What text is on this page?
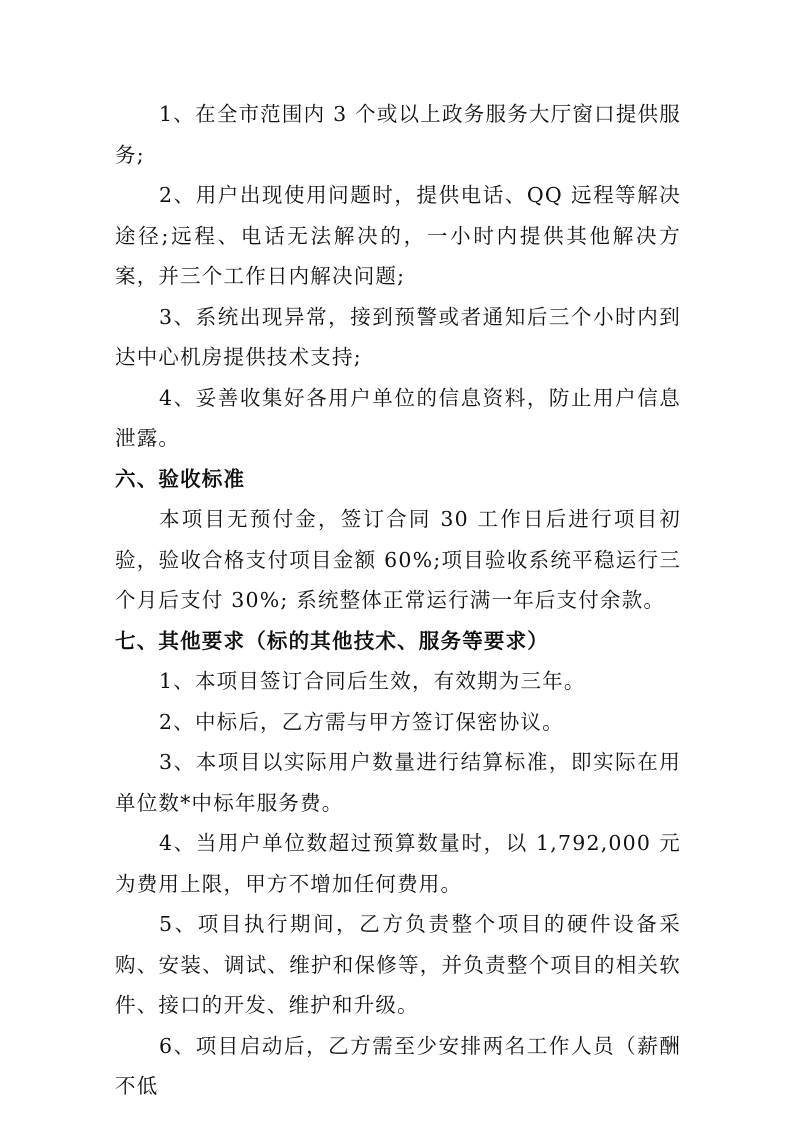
1、在全市范围内 3 个或以上政务服务大厅窗口提供服务;

2、用户出现使用问题时，提供电话、QQ 远程等解决途径;远程、电话无法解决的，一小时内提供其他解决方案，并三个工作日内解决问题;

3、系统出现异常，接到预警或者通知后三个小时内到达中心机房提供技术支持;

4、妥善收集好各用户单位的信息资料，防止用户信息泄露。

六、验收标准

本项目无预付金，签订合同 30 工作日后进行项目初验，验收合格支付项目金额 60%;项目验收系统平稳运行三个月后支付 30%; 系统整体正常运行满一年后支付余款。

七、其他要求（标的其他技术、服务等要求）

1、本项目签订合同后生效，有效期为三年。

2、中标后，乙方需与甲方签订保密协议。

3、本项目以实际用户数量进行结算标准，即实际在用单位数*中标年服务费。

4、当用户单位数超过预算数量时，以 1,792,000 元为费用上限，甲方不增加任何费用。

5、项目执行期间，乙方负责整个项目的硬件设备采购、安装、调试、维护和保修等，并负责整个项目的相关软件、接口的开发、维护和升级。

6、项目启动后，乙方需至少安排两名工作人员（薪酬不低
